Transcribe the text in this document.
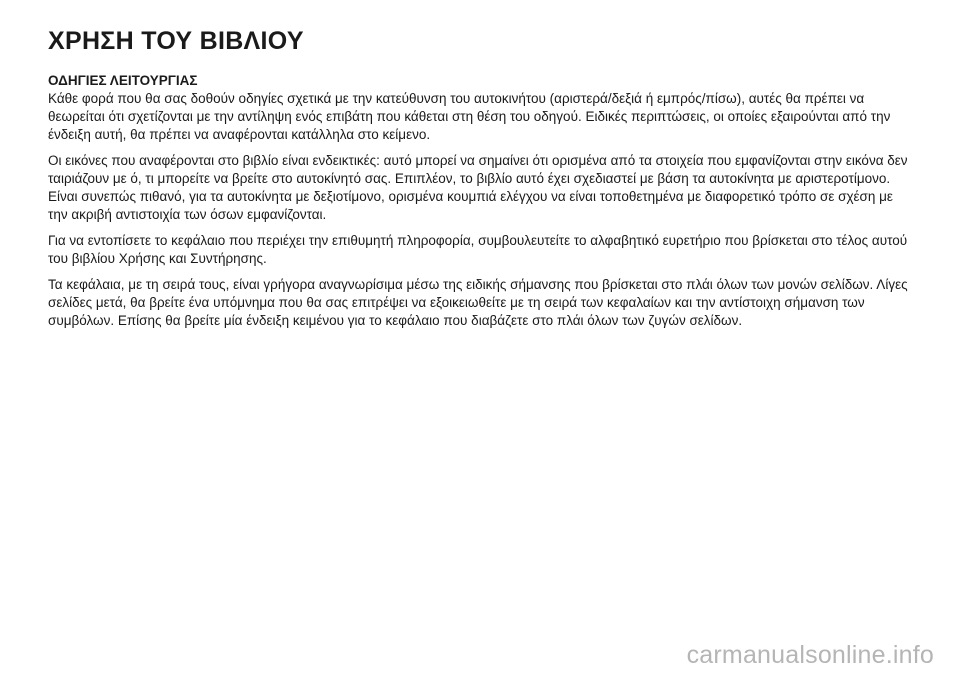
ΧΡΗΣΗ ΤΟΥ ΒΙΒΛΙΟΥ
ΟΔΗΓΙΕΣ ΛΕΙΤΟΥΡΓΙΑΣ

Κάθε φορά που θα σας δοθούν οδηγίες σχετικά με την κατεύθυνση του αυτοκινήτου (αριστερά/δεξιά ή εμπρός/πίσω), αυτές θα πρέπει να θεωρείται ότι σχετίζονται με την αντίληψη ενός επιβάτη που κάθεται στη θέση του οδηγού. Ειδικές περιπτώσεις, οι οποίες εξαιρούνται από την ένδειξη αυτή, θα πρέπει να αναφέρονται κατάλληλα στο κείμενο.

Οι εικόνες που αναφέρονται στο βιβλίο είναι ενδεικτικές: αυτό μπορεί να σημαίνει ότι ορισμένα από τα στοιχεία που εμφανίζονται στην εικόνα δεν ταιριάζουν με ό, τι μπορείτε να βρείτε στο αυτοκίνητό σας. Επιπλέον, το βιβλίο αυτό έχει σχεδιαστεί με βάση τα αυτοκίνητα με αριστεροτίμονο. Είναι συνεπώς πιθανό, για τα αυτοκίνητα με δεξιοτίμονο, ορισμένα κουμπιά ελέγχου να είναι τοποθετημένα με διαφορετικό τρόπο σε σχέση με την ακριβή αντιστοιχία των όσων εμφανίζονται.

Για να εντοπίσετε το κεφάλαιο που περιέχει την επιθυμητή πληροφορία, συμβουλευτείτε το αλφαβητικό ευρετήριο που βρίσκεται στο τέλος αυτού του βιβλίου Χρήσης και Συντήρησης.

Τα κεφάλαια, με τη σειρά τους, είναι γρήγορα αναγνωρίσιμα μέσω της ειδικής σήμανσης που βρίσκεται στο πλάι όλων των μονών σελίδων. Λίγες σελίδες μετά, θα βρείτε ένα υπόμνημα που θα σας επιτρέψει να εξοικειωθείτε με τη σειρά των κεφαλαίων και την αντίστοιχη σήμανση των συμβόλων. Επίσης θα βρείτε μία ένδειξη κειμένου για το κεφάλαιο που διαβάζετε στο πλάι όλων των ζυγών σελίδων.

carmanualsonline.info
